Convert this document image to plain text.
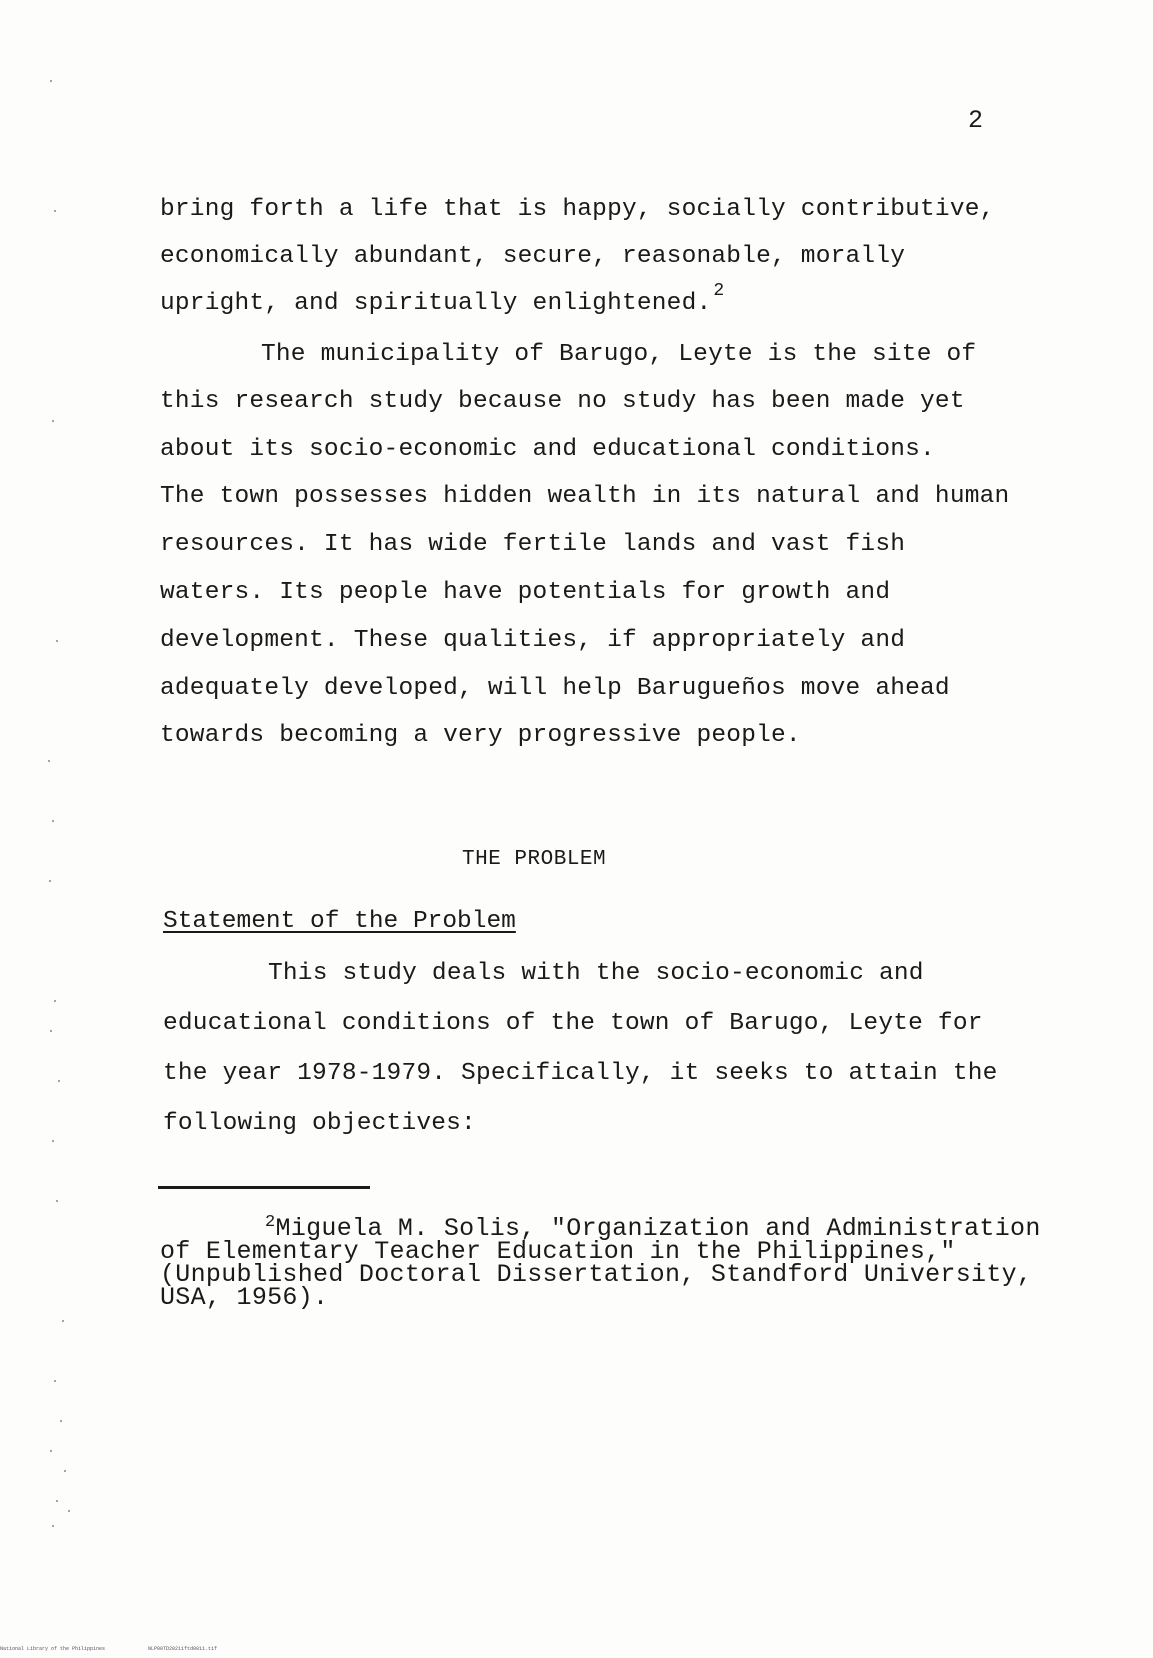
2
bring forth a life that is happy, socially contributive,
economically abundant, secure, reasonable, morally
upright, and spiritually enlightened. $^2$
The municipality of Barugo, Leyte is the site of
this research study because no study has been made yet
about its socio-economic and educational conditions.
The town possesses hidden wealth in its natural and human
resources. It has wide fertile lands and vast fish
waters. Its people have potentials for growth and
development. These qualities, if appropriately and
adequately developed, will help Barugueños move ahead
towards becoming a very progressive people.
THE PROBLEM
Statement of the Problem
This study deals with the socio-economic and
educational conditions of the town of Barugo, Leyte for
the year 1978-1979. Specifically, it seeks to attain the
following objectives:
$^2$Miguela M. Solis, "Organization and Administration
of Elementary Teacher Education in the Philippines,"
(Unpublished Doctoral Dissertation, Standford University,
USA, 1956).
National Library of the Philippines	NLP00TD20211ftd0011.tif
